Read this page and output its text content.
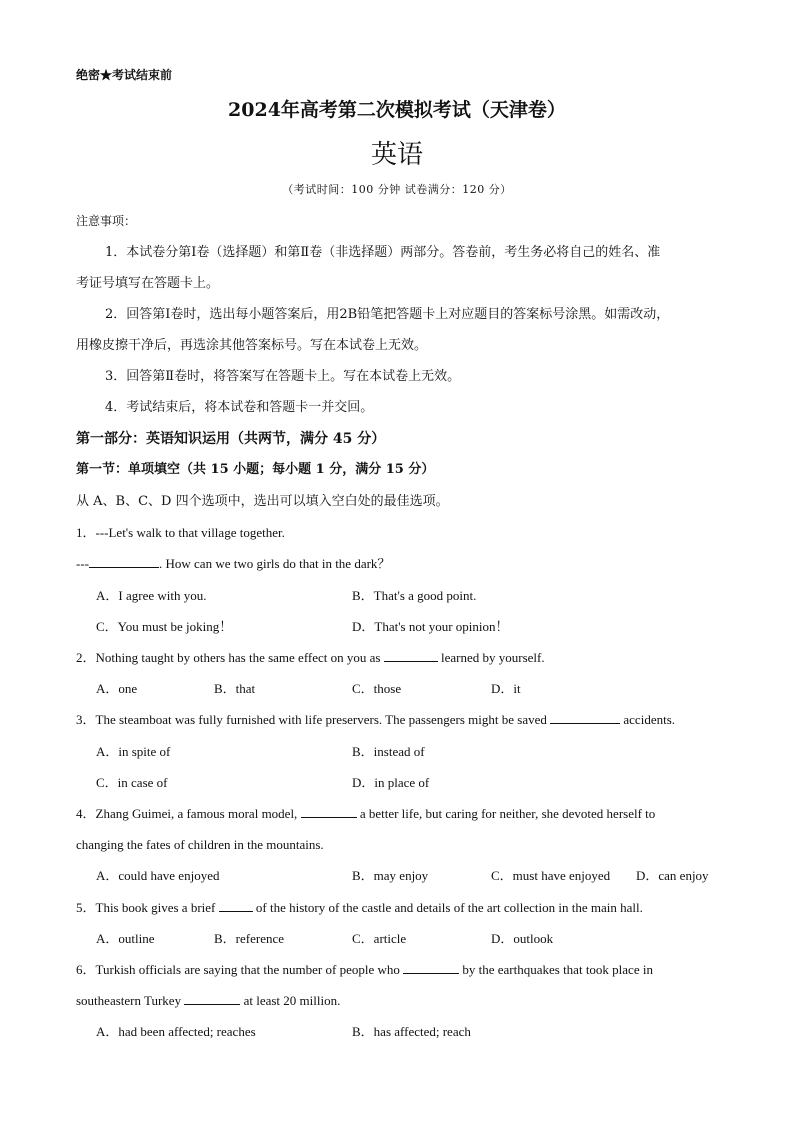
绝密★考试结束前
2024年高考第二次模拟考试（天津卷）
英语
（考试时间：100 分钟 试卷满分：120 分）
注意事项：
1．本试卷分第Ⅰ卷（选择题）和第Ⅱ卷（非选择题）两部分。答卷前，考生务必将自己的姓名、准
考证号填写在答题卡上。
2．回答第Ⅰ卷时，选出每小题答案后，用2B铅笔把答题卡上对应题目的答案标号涂黑。如需改动，
用橡皮擦干净后，再选涂其他答案标号。写在本试卷上无效。
3．回答第Ⅱ卷时，将答案写在答题卡上。写在本试卷上无效。
4．考试结束后，将本试卷和答题卡一并交回。
第一部分：英语知识运用（共两节，满分 45 分）
第一节：单项填空（共 15 小题；每小题 1 分，满分 15 分）
从 A、B、C、D 四个选项中，选出可以填入空白处的最佳选项。
1．---Let's walk to that village together.
---	. How can we two girls do that in the dark？
A．I agree with you.	B．That's a good point.
C．You must be joking！	D．That's not your opinion！
2．Nothing taught by others has the same effect on you as	learned by yourself.
A．one	B．that	C．those	D．it
3．The steamboat was fully furnished with life preservers. The passengers might be saved	accidents.
A．in spite of	B．instead of
C．in case of	D．in place of
4．Zhang Guimei, a famous moral model,	a better life, but caring for neither, she devoted herself to
changing the fates of children in the mountains.
A．could have enjoyed	B．may enjoy	C．must have enjoyed D．can enjoy
5．This book gives a brief	of the history of the castle and details of the art collection in the main hall.
A．outline	B．reference	C．article	D．outlook
6．Turkish officials are saying that the number of people who	by the earthquakes that took place in
southeastern Turkey	at least 20 million.
A．had been affected; reaches	B．has affected; reach
